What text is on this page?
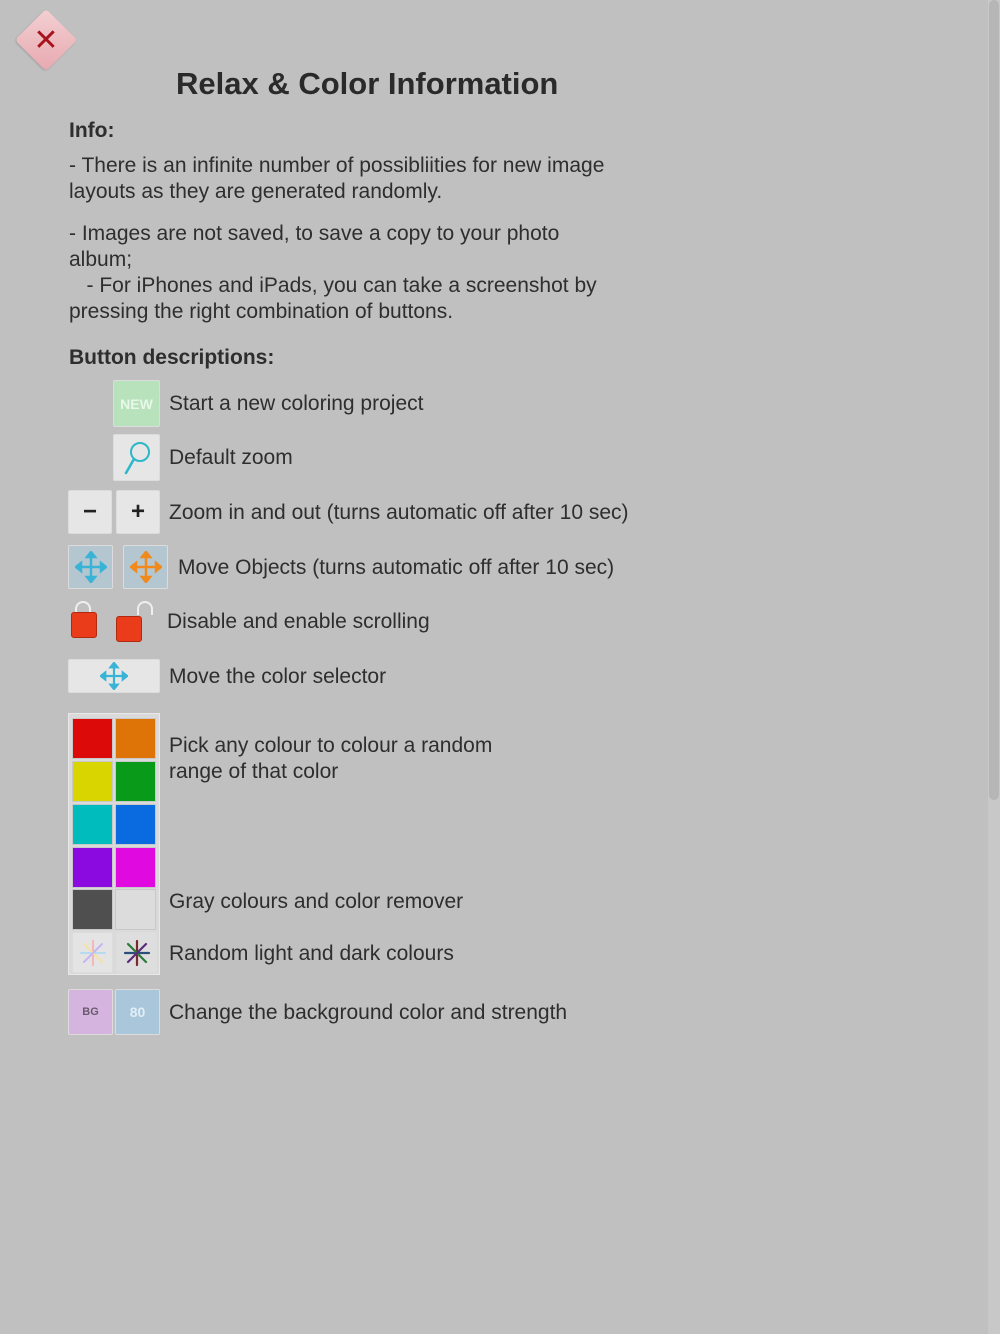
✕
Relax & Color Information
Info:
- There is an infinite number of possibliities for new image
layouts as they are generated randomly.
- Images are not saved, to save a copy to your photo
album;
- For iPhones and iPads, you can take a screenshot by
pressing the right combination of buttons.
Button descriptions:
NEW Start a new coloring project
Default zoom
− + Zoom in and out (turns automatic off after 10 sec)
Move Objects (turns automatic off after 10 sec)
Disable and enable scrolling
Move the color selector
Pick any colour to colour a random
range of that color
Gray colours and color remover
Random light and dark colours
BG 80 Change the background color and strength
